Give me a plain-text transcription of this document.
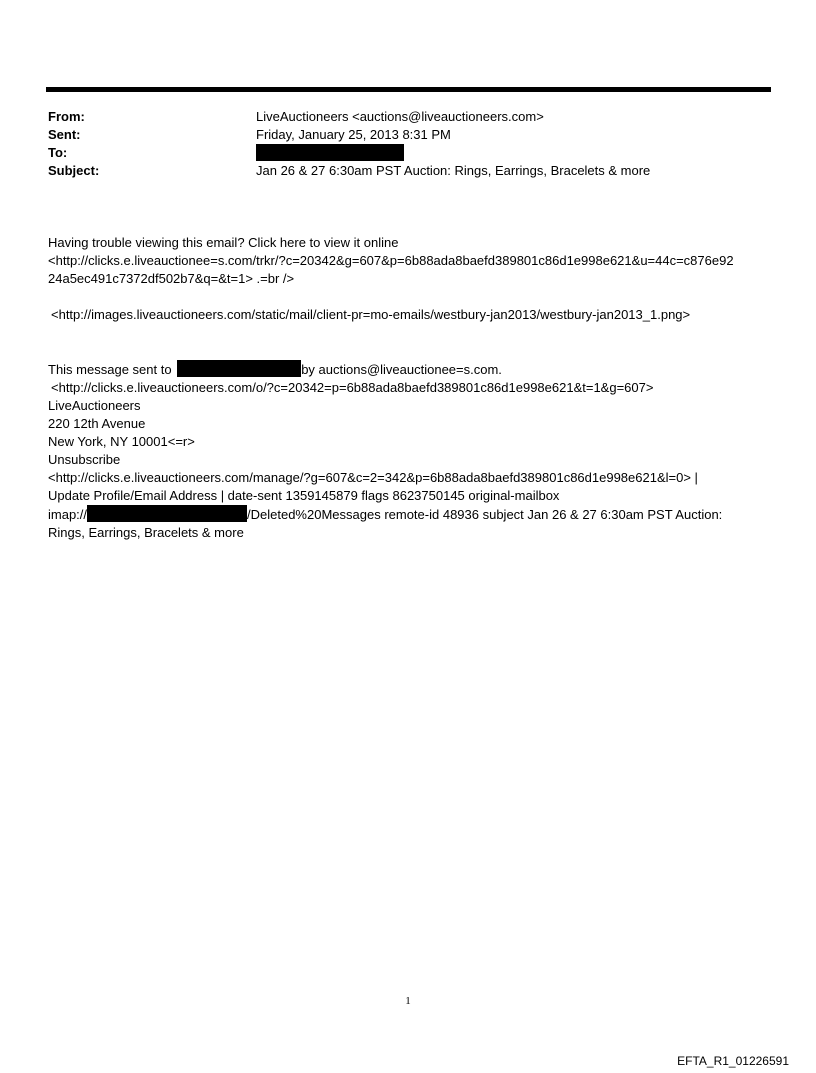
From:	LiveAuctioneers <auctions@liveauctioneers.com>
Sent:	Friday, January 25, 2013 8:31 PM
To:
Subject:	Jan 26 & 27 6:30am PST Auction: Rings, Earrings, Bracelets & more
Having trouble viewing this email? Click here to view it online
<http://clicks.e.liveauctionee=s.com/trkr/?c=20342&g=607&p=6b88ada8baefd389801c86d1e998e621&u=44c=c876e92
24a5ec491c7372df502b7&q=&t=1> .=br />
<http://images.liveauctioneers.com/static/mail/client-pr=mo-emails/westbury-jan2013/westbury-jan2013_1.png>
This message sent to	by auctions@liveauctionee=s.com.
<http://clicks.e.liveauctioneers.com/o/?c=20342=p=6b88ada8baefd389801c86d1e998e621&t=1&g=607>
LiveAuctioneers
220 12th Avenue
New York, NY 10001<=r>
Unsubscribe
<http://clicks.e.liveauctioneers.com/manage/?g=607&c=2=342&p=6b88ada8baefd389801c86d1e998e621&l=0> |
Update Profile/Email Address | date-sent 1359145879 flags 8623750145 original-mailbox
imap://	/Deleted%20Messages remote-id 48936 subject Jan 26 & 27 6:30am PST Auction:
Rings, Earrings, Bracelets & more
1
EFTA_R1_01226591
